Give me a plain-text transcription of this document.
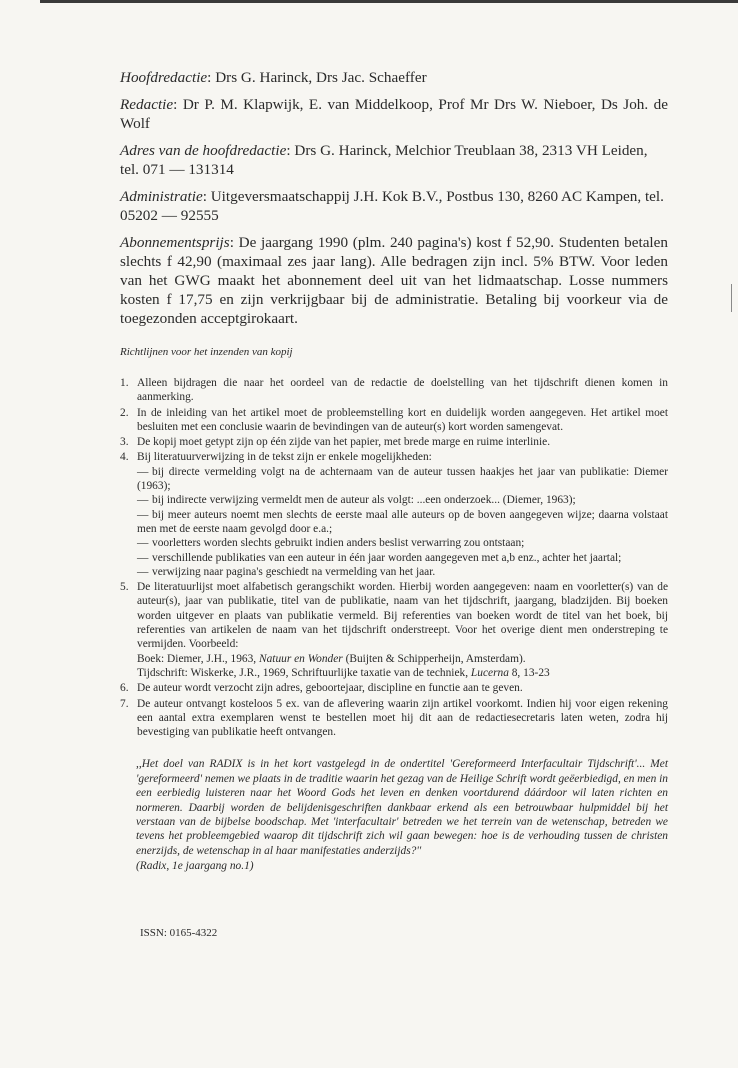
Hoofdredactie: Drs G. Harinck, Drs Jac. Schaeffer

Redactie: Dr P. M. Klapwijk, E. van Middelkoop, Prof Mr Drs W. Nieboer, Ds Joh. de Wolf

Adres van de hoofdredactie: Drs G. Harinck, Melchior Treublaan 38, 2313 VH Leiden, tel. 071 — 131314

Administratie: Uitgeversmaatschappij J.H. Kok B.V., Postbus 130, 8260 AC Kampen, tel. 05202 — 92555

Abonnementsprijs: De jaargang 1990 (plm. 240 pagina's) kost f 52,90. Studenten betalen slechts f 42,90 (maximaal zes jaar lang). Alle bedragen zijn incl. 5% BTW. Voor leden van het GWG maakt het abonnement deel uit van het lidmaatschap. Losse nummers kosten f 17,75 en zijn verkrijgbaar bij de administratie. Betaling bij voorkeur via de toegezonden acceptgirokaart.

Richtlijnen voor het inzenden van kopij
1. Alleen bijdragen die naar het oordeel van de redactie de doelstelling van het tijdschrift dienen komen in aanmerking.
2. In de inleiding van het artikel moet de probleemstelling kort en duidelijk worden aangegeven. Het artikel moet besluiten met een conclusie waarin de bevindingen van de auteur(s) kort worden samengevat.
3. De kopij moet getypt zijn op één zijde van het papier, met brede marge en ruime interlinie.
4. Bij literatuurverwijzing in de tekst zijn er enkele mogelijkheden:
— bij directe vermelding volgt na de achternaam van de auteur tussen haakjes het jaar van publikatie: Diemer (1963);
— bij indirecte verwijzing vermeldt men de auteur als volgt: ...een onderzoek... (Diemer, 1963);
— bij meer auteurs noemt men slechts de eerste maal alle auteurs op de boven aangegeven wijze; daarna volstaat men met de eerste naam gevolgd door e.a.;
— voorletters worden slechts gebruikt indien anders beslist verwarring zou ontstaan;
— verschillende publikaties van een auteur in één jaar worden aangegeven met a,b enz., achter het jaartal;
— verwijzing naar pagina's geschiedt na vermelding van het jaar.
5. De literatuurlijst moet alfabetisch gerangschikt worden. Hierbij worden aangegeven: naam en voorletter(s) van de auteur(s), jaar van publikatie, titel van de publikatie, naam van het tijdschrift, jaargang, bladzijden. Bij boeken worden uitgever en plaats van publikatie vermeld. Bij referenties van boeken wordt de titel van het boek, bij referenties van artikelen de naam van het tijdschrift onderstreept. Voor het overige dient men onderstreping te vermijden. Voorbeeld:
Boek: Diemer, J.H., 1963, Natuur en Wonder (Buijten & Schipperheijn, Amsterdam).
Tijdschrift: Wiskerke, J.R., 1969, Schriftuurlijke taxatie van de techniek, Lucerna 8, 13-23
6. De auteur wordt verzocht zijn adres, geboortejaar, discipline en functie aan te geven.
7. De auteur ontvangt kosteloos 5 ex. van de aflevering waarin zijn artikel voorkomt. Indien hij voor eigen rekening een aantal extra exemplaren wenst te bestellen moet hij dit aan de redactiesecretaris laten weten, zodra hij bevestiging van publikatie heeft ontvangen.
,,Het doel van RADIX is in het kort vastgelegd in de ondertitel 'Gereformeerd Interfacultair Tijdschrift'... Met 'gereformeerd' nemen we plaats in de traditie waarin het gezag van de Heilige Schrift wordt geëerbiedigd, en men in een eerbiedig luisteren naar het Woord Gods het leven en denken voortdurend dáárdoor wil laten richten en normeren. Daarbij worden de belijdenisgeschriften dankbaar erkend als een betrouwbaar hulpmiddel bij het verstaan van de bijbelse boodschap. Met 'interfacultair' betreden we het terrein van de wetenschap, betreden we tevens het probleemgebied waarop dit tijdschrift zich wil gaan bewegen: hoe is de verhouding tussen de christen enerzijds, de wetenschap in al haar manifestaties anderzijds?''
(Radix, 1e jaargang no.1)
ISSN: 0165-4322
